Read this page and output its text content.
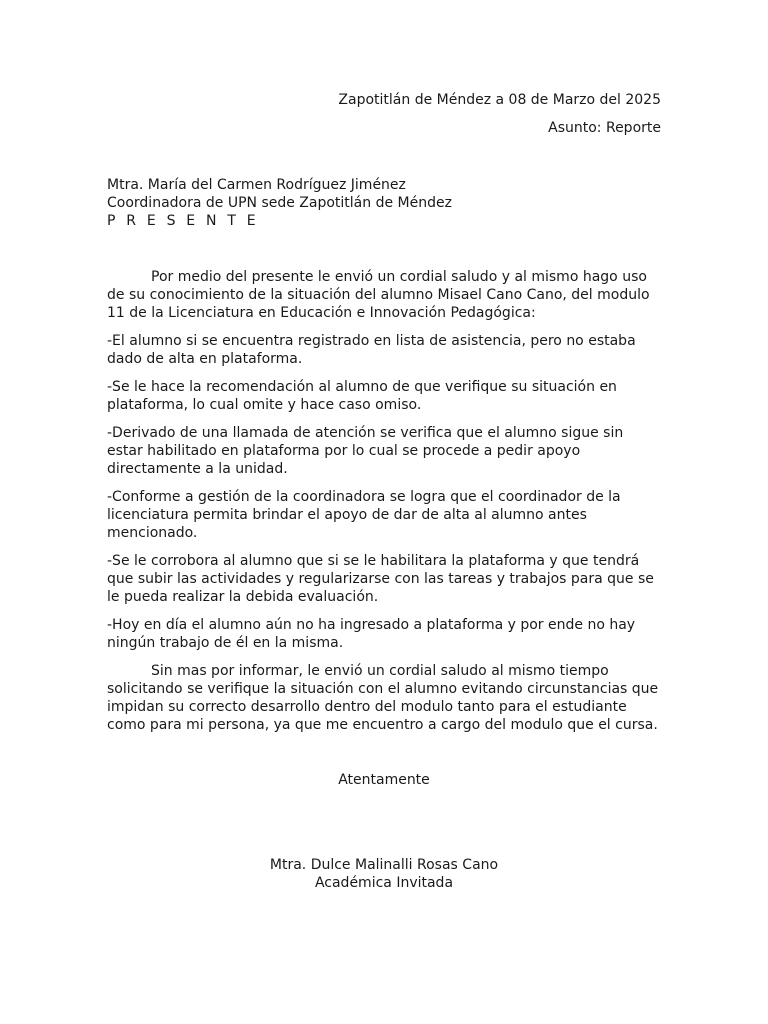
Zapotitlán de Méndez a 08 de Marzo del 2025
Asunto: Reporte
Mtra. María del Carmen Rodríguez Jiménez
Coordinadora de UPN sede Zapotitlán de Méndez
P R E S E N T E

Por medio del presente le envió un cordial saludo y al mismo hago uso de su conocimiento de la situación del alumno Misael Cano Cano, del modulo 11 de la Licenciatura en Educación e Innovación Pedagógica:

-El alumno si se encuentra registrado en lista de asistencia, pero no estaba dado de alta en plataforma.

-Se le hace la recomendación al alumno de que verifique su situación en plataforma, lo cual omite y hace caso omiso.

-Derivado de una llamada de atención se verifica que el alumno sigue sin estar habilitado en plataforma por lo cual se procede a pedir apoyo directamente a la unidad.

-Conforme a gestión de la coordinadora se logra que el coordinador de la licenciatura permita brindar el apoyo de dar de alta al alumno antes mencionado.

-Se le corrobora al alumno que si se le habilitara la plataforma y que tendrá que subir las actividades y regularizarse con las tareas y trabajos para que se le pueda realizar la debida evaluación.

-Hoy en día el alumno aún no ha ingresado a plataforma y por ende no hay ningún trabajo de él en la misma.

Sin mas por informar, le envió un cordial saludo al mismo tiempo solicitando se verifique la situación con el alumno evitando circunstancias que impidan su correcto desarrollo dentro del modulo tanto para el estudiante como para mi persona, ya que me encuentro a cargo del modulo que el cursa.

Atentamente
Mtra. Dulce Malinalli Rosas Cano
Académica Invitada
